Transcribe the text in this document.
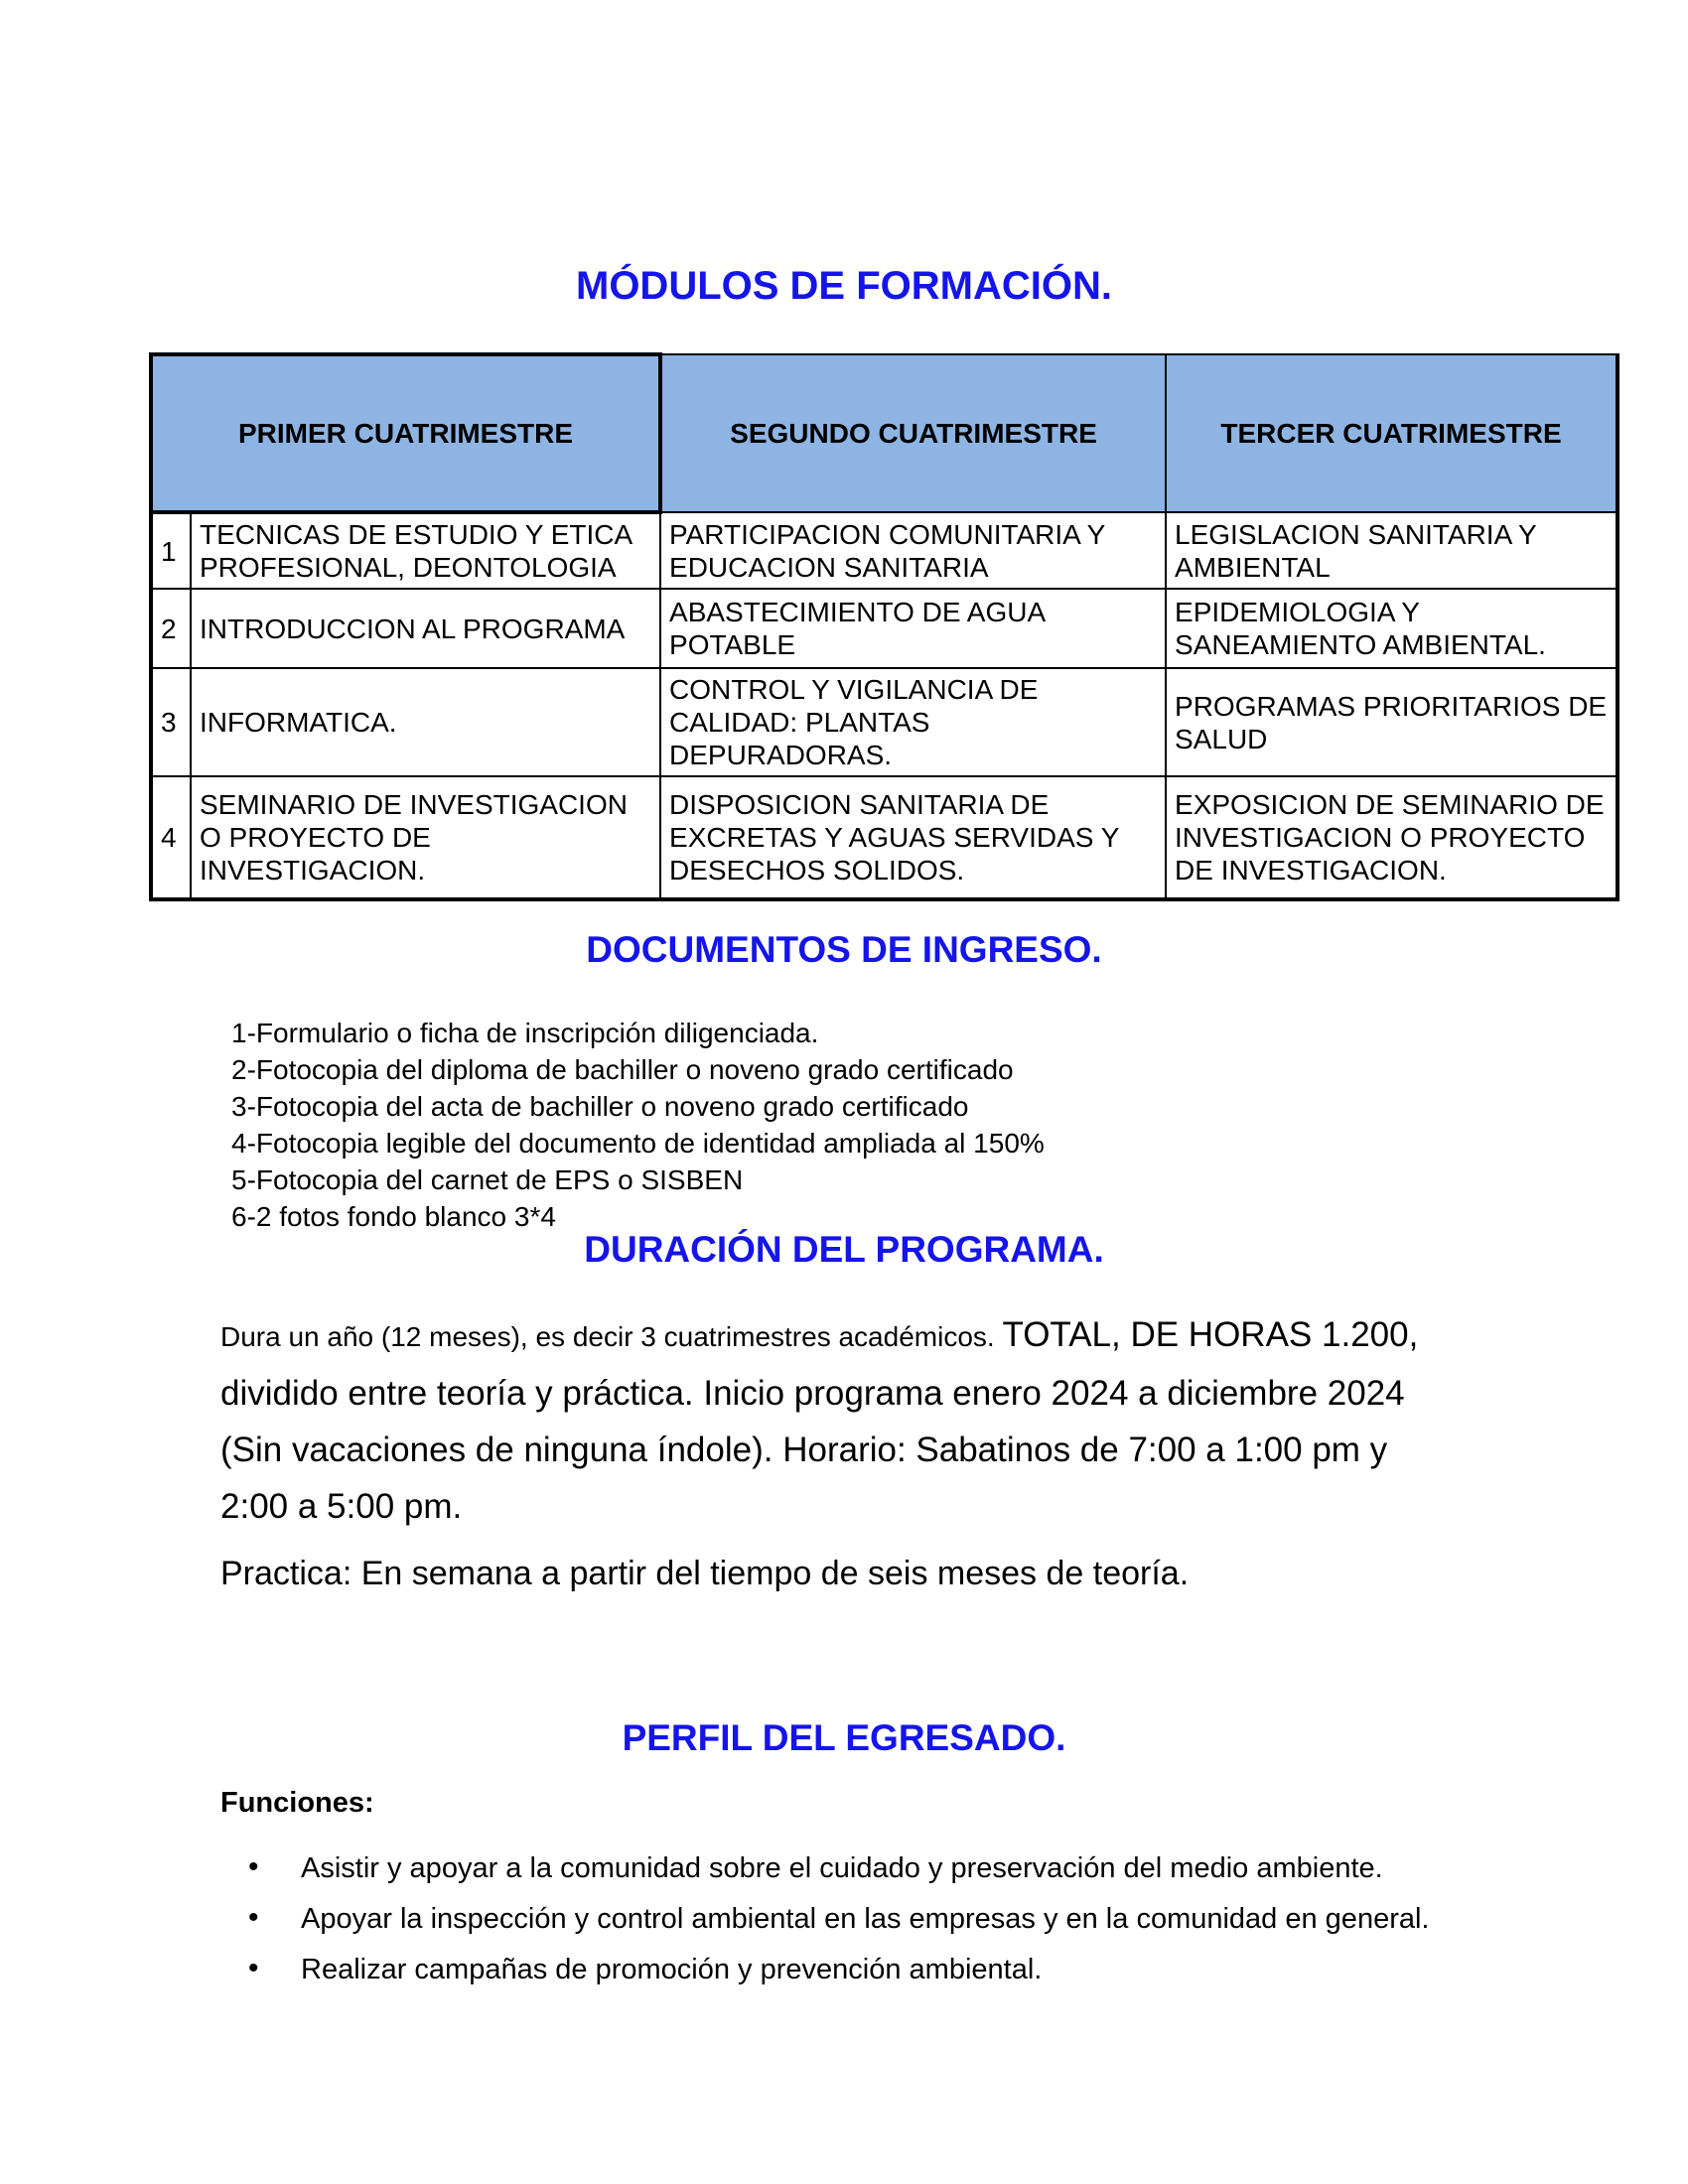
MÓDULOS DE FORMACIÓN.
PRIMER CUATRIMESTRE		SEGUNDO CUATRIMESTRE	TERCER CUATRIMESTRE
1	TECNICAS DE ESTUDIO Y ETICA PROFESIONAL, DEONTOLOGIA	PARTICIPACION COMUNITARIA Y EDUCACION SANITARIA	LEGISLACION SANITARIA Y AMBIENTAL
2	INTRODUCCION AL PROGRAMA	ABASTECIMIENTO DE AGUA POTABLE	EPIDEMIOLOGIA Y SANEAMIENTO AMBIENTAL.
3	INFORMATICA.	CONTROL Y VIGILANCIA DE CALIDAD: PLANTAS DEPURADORAS.	PROGRAMAS PRIORITARIOS DE SALUD
4	SEMINARIO DE INVESTIGACION O PROYECTO DE INVESTIGACION.	DISPOSICION SANITARIA DE EXCRETAS Y AGUAS SERVIDAS Y DESECHOS SOLIDOS.	EXPOSICION DE SEMINARIO DE INVESTIGACION O PROYECTO DE INVESTIGACION.
DOCUMENTOS DE INGRESO.
1-Formulario o ficha de inscripción diligenciada.
2-Fotocopia del diploma de bachiller o noveno grado certificado
3-Fotocopia del acta de bachiller o noveno grado certificado
4-Fotocopia legible del documento de identidad ampliada al 150%
5-Fotocopia del carnet de EPS o SISBEN
6-2 fotos fondo blanco 3*4
DURACIÓN DEL PROGRAMA.
Dura un año (12 meses), es decir 3 cuatrimestres académicos. TOTAL, DE HORAS 1.200,
dividido entre teoría y práctica. Inicio programa enero 2024 a diciembre 2024
(Sin vacaciones de ninguna índole). Horario: Sabatinos de 7:00 a 1:00 pm y
2:00 a 5:00 pm.
Practica: En semana a partir del tiempo de seis meses de teoría.
PERFIL DEL EGRESADO.
Funciones:
• Asistir y apoyar a la comunidad sobre el cuidado y preservación del medio ambiente.
• Apoyar la inspección y control ambiental en las empresas y en la comunidad en general.
• Realizar campañas de promoción y prevención ambiental.
